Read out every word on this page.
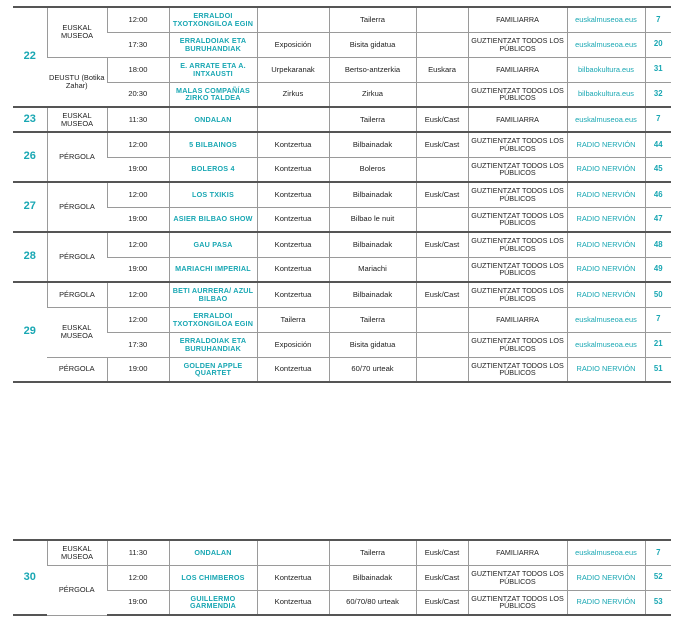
22	EUSKAL MUSEOA	12:00	ERRALDOI TXOTXONGILOA EGIN		Tailerra		FAMILIARRA	euskalmuseoa.eus	7
		17:30	ERRALDOIAK ETA BURUHANDIAK	Exposición	Bisita gidatua		GUZTIENTZAT TODOS LOS PÚBLICOS	euskalmuseoa.eus	20
	DEUSTU (Botika Zahar)	18:00	E. ARRATE ETA A. INTXAUSTI	Urpekaranak	Bertso-antzerkia	Euskara	FAMILIARRA	bilbaokultura.eus	31
		20:30	MALAS COMPAÑÍAS ZIRKO TALDEA	Zirkus	Zirkua		GUZTIENTZAT TODOS LOS PÚBLICOS	bilbaokultura.eus	32
23	EUSKAL MUSEOA	11:30	ONDALAN		Tailerra	Eusk/Cast	FAMILIARRA	euskalmuseoa.eus	7
26	PÉRGOLA	12:00	5 BILBAINOS	Kontzertua	Bilbainadak	Eusk/Cast	GUZTIENTZAT TODOS LOS PÚBLICOS	RADIO NERVIÓN	44
		19:00	BOLEROS 4	Kontzertua	Boleros		GUZTIENTZAT TODOS LOS PÚBLICOS	RADIO NERVIÓN	45
27	PÉRGOLA	12:00	LOS TXIKIS	Kontzertua	Bilbainadak	Eusk/Cast	GUZTIENTZAT TODOS LOS PÚBLICOS	RADIO NERVIÓN	46
		19:00	ASIER BILBAO SHOW	Kontzertua	Bilbao le nuit		GUZTIENTZAT TODOS LOS PÚBLICOS	RADIO NERVIÓN	47
28	PÉRGOLA	12:00	GAU PASA	Kontzertua	Bilbainadak	Eusk/Cast	GUZTIENTZAT TODOS LOS PÚBLICOS	RADIO NERVIÓN	48
		19:00	MARIACHI IMPERIAL	Kontzertua	Mariachi		GUZTIENTZAT TODOS LOS PÚBLICOS	RADIO NERVIÓN	49
29	PÉRGOLA	12:00	BETI AURRERA/ AZUL BILBAO	Kontzertua	Bilbainadak	Eusk/Cast	GUZTIENTZAT TODOS LOS PÚBLICOS	RADIO NERVIÓN	50
	EUSKAL MUSEOA	12:00	ERRALDOI TXOTXONGILOA EGIN	Tailerra	Tailerra		FAMILIARRA	euskalmuseoa.eus	7
		17:30	ERRALDOIAK ETA BURUHANDIAK	Exposición	Bisita gidatua		GUZTIENTZAT TODOS LOS PÚBLICOS	euskalmuseoa.eus	21
	PÉRGOLA	19:00	GOLDEN APPLE QUARTET	Kontzertua	60/70 urteak		GUZTIENTZAT TODOS LOS PÚBLICOS	RADIO NERVIÓN	51
30	EUSKAL MUSEOA	11:30	ONDALAN		Tailerra	Eusk/Cast	FAMILIARRA	euskalmuseoa.eus	7
	PÉRGOLA	12:00	LOS CHIMBEROS	Kontzertua	Bilbainadak	Eusk/Cast	GUZTIENTZAT TODOS LOS PÚBLICOS	RADIO NERVIÓN	52
		19:00	GUILLERMO GARMENDIA	Kontzertua	60/70/80 urteak	Eusk/Cast	GUZTIENTZAT TODOS LOS PÚBLICOS	RADIO NERVIÓN	53
